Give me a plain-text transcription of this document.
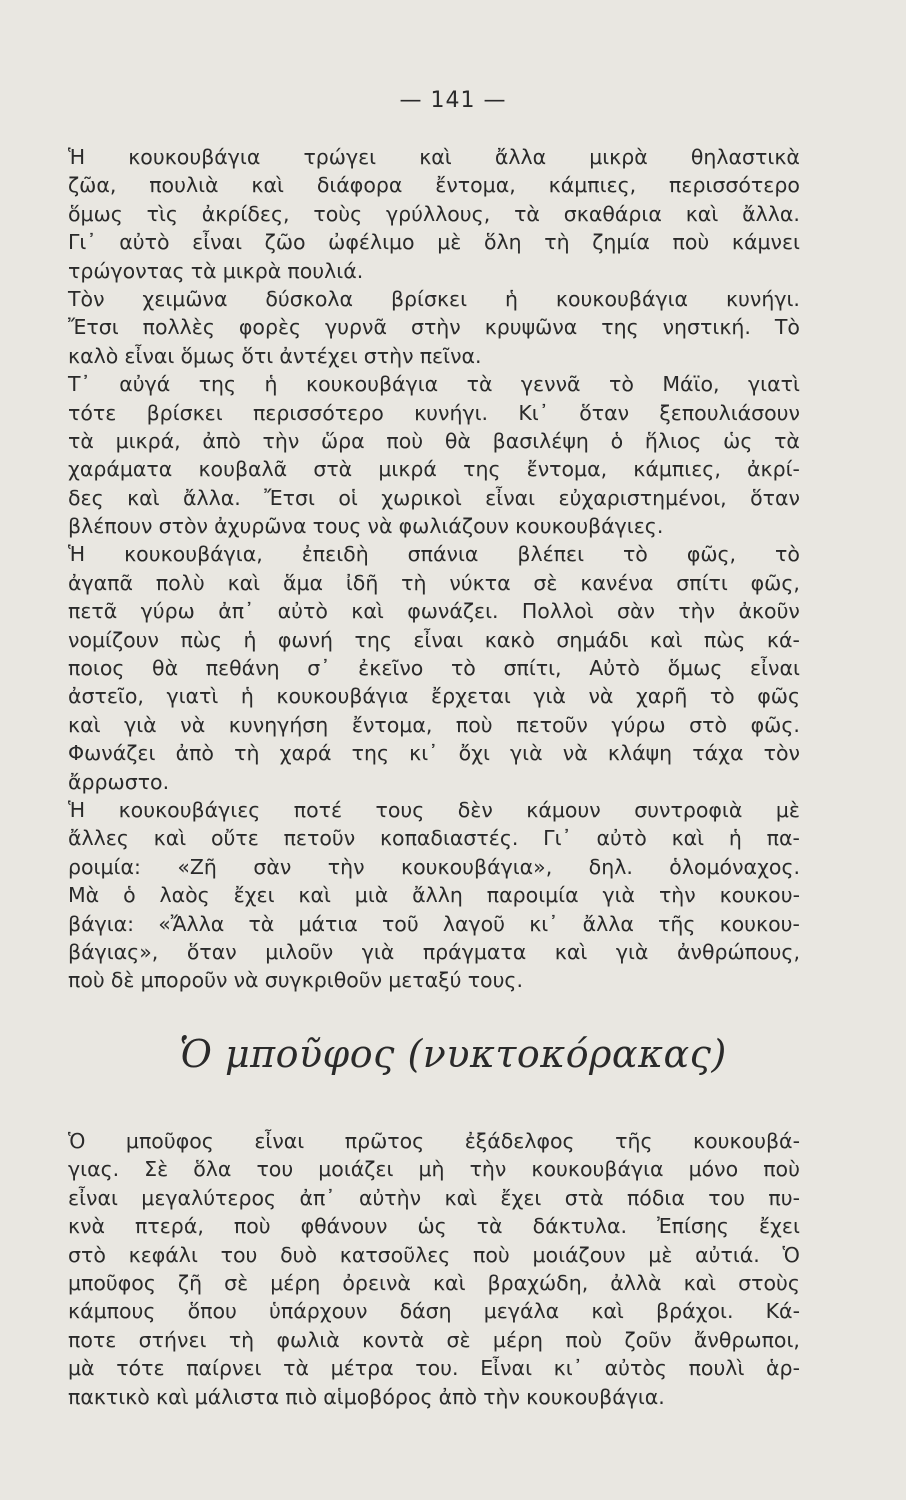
— 141 —
Ἡ κουκουβάγια τρώγει καὶ ἄλλα μικρὰ θηλαστικὰ
ζῶα, πουλιὰ καὶ διάφορα ἔντομα, κάμπιες, περισσότερο
ὅμως τὶς ἀκρίδες, τοὺς γρύλλους, τὰ σκαθάρια καὶ ἄλλα.
Γι᾽ αὐτὸ εἶναι ζῶο ὠφέλιμο μὲ ὅλη τὴ ζημία ποὺ κάμνει
τρώγοντας τὰ μικρὰ πουλιά.
Τὸν χειμῶνα δύσκολα βρίσκει ἡ κουκουβάγια κυνήγι.
Ἔτσι πολλὲς φορὲς γυρνᾶ στὴν κρυψῶνα της νηστική. Τὸ
καλὸ εἶναι ὅμως ὅτι ἀντέχει στὴν πεῖνα.
Τ᾽ αὐγά της ἡ κουκουβάγια τὰ γεννᾶ τὸ Μάϊο, γιατὶ
τότε βρίσκει περισσότερο κυνήγι. Κι᾽ ὅταν ξεπουλιάσουν
τὰ μικρά, ἀπὸ τὴν ὥρα ποὺ θὰ βασιλέψη ὁ ἥλιος ὡς τὰ
χαράματα κουβαλᾶ στὰ μικρά της ἔντομα, κάμπιες, ἀκρί-
δες καὶ ἄλλα. Ἔτσι οἱ χωρικοὶ εἶναι εὐχαριστημένοι, ὅταν
βλέπουν στὸν ἀχυρῶνα τους νὰ φωλιάζουν κουκουβάγιες.
Ἡ κουκουβάγια, ἐπειδὴ σπάνια βλέπει τὸ φῶς, τὸ
ἀγαπᾶ πολὺ καὶ ἅμα ἰδῆ τὴ νύκτα σὲ κανένα σπίτι φῶς,
πετᾶ γύρω ἀπ᾽ αὐτὸ καὶ φωνάζει. Πολλοὶ σὰν τὴν ἀκοῦν
νομίζουν πὼς ἡ φωνή της εἶναι κακὸ σημάδι καὶ πὼς κά-
ποιος θὰ πεθάνη σ᾽ ἐκεῖνο τὸ σπίτι, Αὐτὸ ὅμως εἶναι
ἀστεῖο, γιατὶ ἡ κουκουβάγια ἔρχεται γιὰ νὰ χαρῆ τὸ φῶς
καὶ γιὰ νὰ κυνηγήση ἔντομα, ποὺ πετοῦν γύρω στὸ φῶς.
Φωνάζει ἀπὸ τὴ χαρά της κι᾽ ὄχι γιὰ νὰ κλάψη τάχα τὸν
ἄρρωστο.
Ἡ κουκουβάγιες ποτέ τους δὲν κάμουν συντροφιὰ μὲ
ἄλλες καὶ οὔτε πετοῦν κοπαδιαστές. Γι᾽ αὐτὸ καὶ ἡ πα-
ροιμία: «Ζῆ σὰν τὴν κουκουβάγια», δηλ. ὁλομόναχος.
Μὰ ὁ λαὸς ἔχει καὶ μιὰ ἄλλη παροιμία γιὰ τὴν κουκου-
βάγια: «Ἄλλα τὰ μάτια τοῦ λαγοῦ κι᾽ ἄλλα τῆς κουκου-
βάγιας», ὅταν μιλοῦν γιὰ πράγματα καὶ γιὰ ἀνθρώπους,
ποὺ δὲ μποροῦν νὰ συγκριθοῦν μεταξύ τους.
Ὁ μποῦφος (νυκτοκόρακας)
Ὁ μποῦφος εἶναι πρῶτος ἐξάδελφος τῆς κουκουβά-
γιας. Σὲ ὅλα του μοιάζει μὴ τὴν κουκουβάγια μόνο ποὺ
εἶναι μεγαλύτερος ἀπ᾽ αὐτὴν καὶ ἔχει στὰ πόδια του πυ-
κνὰ πτερά, ποὺ φθάνουν ὡς τὰ δάκτυλα. Ἐπίσης ἔχει
στὸ κεφάλι του δυὸ κατσοῦλες ποὺ μοιάζουν μὲ αὐτιά. Ὁ
μποῦφος ζῆ σὲ μέρη ὀρεινὰ καὶ βραχώδη, ἀλλὰ καὶ στοὺς
κάμπους ὅπου ὑπάρχουν δάση μεγάλα καὶ βράχοι. Κά-
ποτε στήνει τὴ φωλιὰ κοντὰ σὲ μέρη ποὺ ζοῦν ἄνθρωποι,
μὰ τότε παίρνει τὰ μέτρα του. Εἶναι κι᾽ αὐτὸς πουλὶ ἁρ-
πακτικὸ καὶ μάλιστα πιὸ αἱμοβόρος ἀπὸ τὴν κουκουβάγια.
